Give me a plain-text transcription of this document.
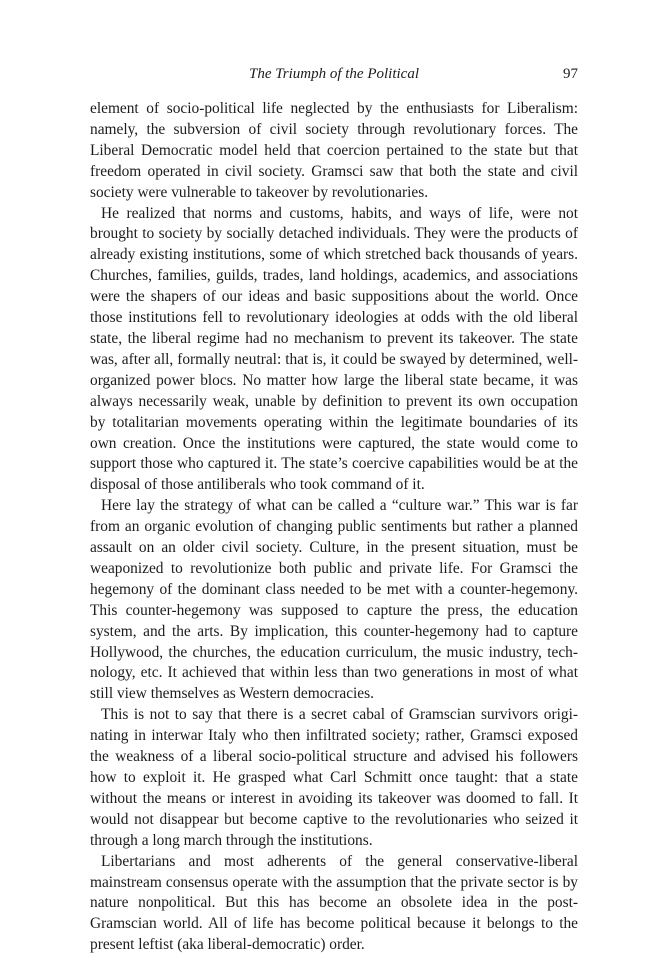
The Triumph of the Political	97

element of socio-political life neglected by the enthusiasts for Liberalism: namely, the subversion of civil society through revolutionary forces. The Liberal Democratic model held that coercion pertained to the state but that freedom operated in civil society. Gramsci saw that both the state and civil society were vulnerable to takeover by revolutionaries.

He realized that norms and customs, habits, and ways of life, were not brought to society by socially detached individuals. They were the products of already existing institutions, some of which stretched back thousands of years. Churches, families, guilds, trades, land holdings, academics, and associations were the shapers of our ideas and basic suppositions about the world. Once those institutions fell to revolutionary ideologies at odds with the old liberal state, the liberal regime had no mechanism to prevent its takeover. The state was, after all, formally neutral: that is, it could be swayed by determined, well-organized power blocs. No matter how large the liberal state became, it was always necessarily weak, unable by definition to prevent its own occupation by totalitarian movements operating within the legitimate boundaries of its own creation. Once the institutions were captured, the state would come to support those who captured it. The state’s coercive capabilities would be at the disposal of those antiliberals who took command of it.

Here lay the strategy of what can be called a “culture war.” This war is far from an organic evolution of changing public sentiments but rather a planned assault on an older civil society. Culture, in the present situation, must be weaponized to revolutionize both public and private life. For Gramsci the hegemony of the dominant class needed to be met with a counter-hegemony. This counter-hegemony was supposed to capture the press, the education system, and the arts. By implication, this counter-hegemony had to capture Hollywood, the churches, the education curriculum, the music industry, technology, etc. It achieved that within less than two generations in most of what still view themselves as Western democracies.

This is not to say that there is a secret cabal of Gramscian survivors originating in interwar Italy who then infiltrated society; rather, Gramsci exposed the weakness of a liberal socio-political structure and advised his followers how to exploit it. He grasped what Carl Schmitt once taught: that a state without the means or interest in avoiding its takeover was doomed to fall. It would not disappear but become captive to the revolutionaries who seized it through a long march through the institutions.

Libertarians and most adherents of the general conservative-liberal mainstream consensus operate with the assumption that the private sector is by nature nonpolitical. But this has become an obsolete idea in the post-Gramscian world. All of life has become political because it belongs to the present leftist (aka liberal-democratic) order.
